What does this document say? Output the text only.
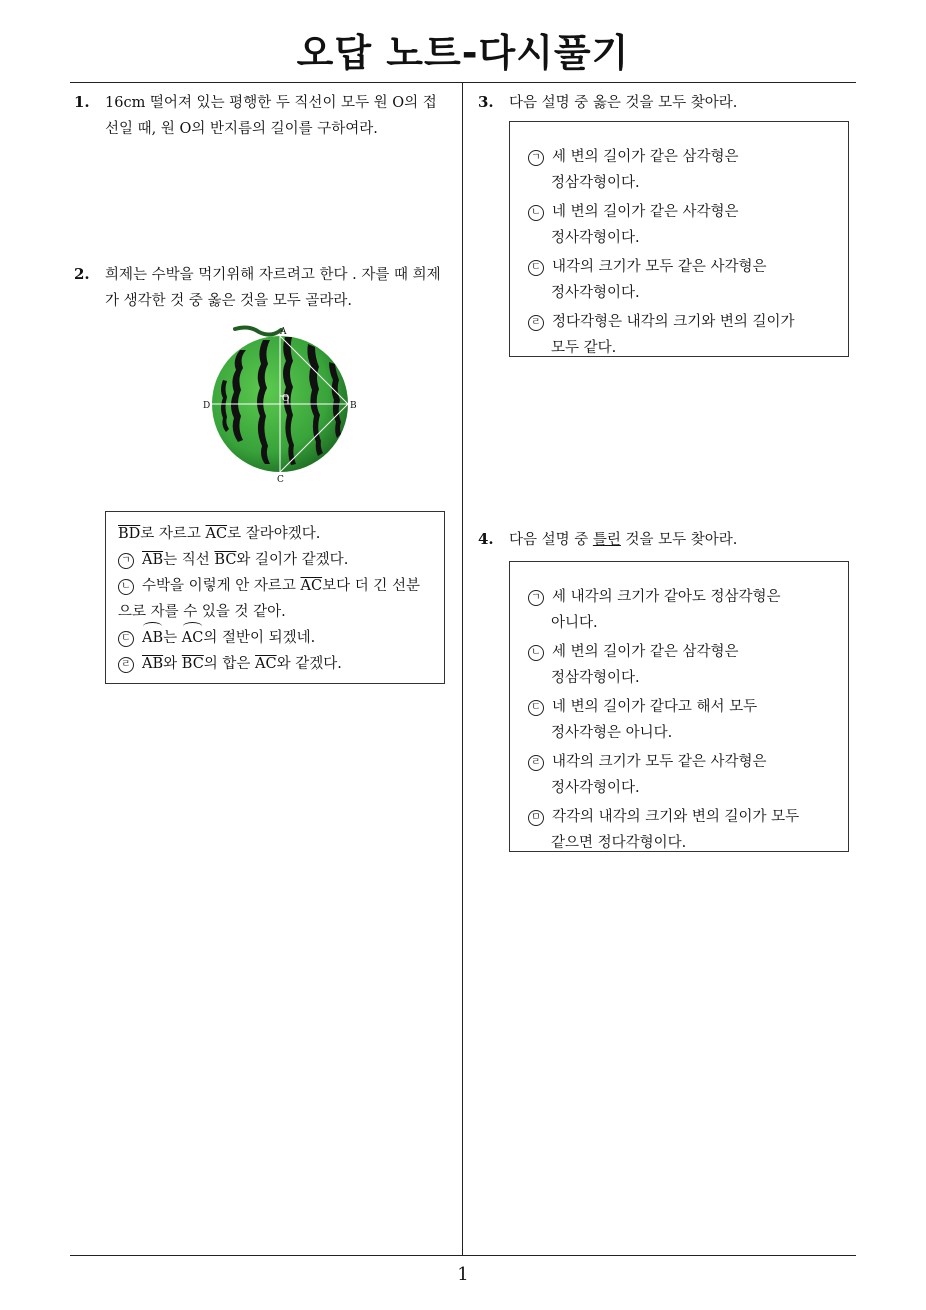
오답 노트-다시풀기
1. 16cm 떨어져 있는 평행한 두 직선이 모두 원 O의 접
선일 때, 원 O의 반지름의 길이를 구하여라.
2. 희제는 수박을 먹기위해 자르려고 한다 . 자를 때 희제
가 생각한 것 중 옳은 것을 모두 골라라.
A
B
C
D
O
$\overline{BD}$로 자르고 $\overline{AC}$로 잘라야겠다.
ㄱ $\overline{AB}$는 직선 $\overline{BC}$와 길이가 같겠다.
ㄴ 수박을 이렇게 안 자르고 $\overline{AC}$보다 더 긴 선분
으로 자를 수 있을 것 같아.
ㄷ AB는 AC의 절반이 되겠네.
ㄹ $\overline{AB}$와 $\overline{BC}$의 합은 $\overline{AC}$와 같겠다.
3. 다음 설명 중 옳은 것을 모두 찾아라.
ㄱ 세 변의 길이가 같은 삼각형은
정삼각형이다.
ㄴ 네 변의 길이가 같은 사각형은
정사각형이다.
ㄷ 내각의 크기가 모두 같은 사각형은
정사각형이다.
ㄹ 정다각형은 내각의 크기와 변의 길이가
모두 같다.
4. 다음 설명 중 틀린 것을 모두 찾아라.
ㄱ 세 내각의 크기가 같아도 정삼각형은
아니다.
ㄴ 세 변의 길이가 같은 삼각형은
정삼각형이다.
ㄷ 네 변의 길이가 같다고 해서 모두
정사각형은 아니다.
ㄹ 내각의 크기가 모두 같은 사각형은
정사각형이다.
ㅁ 각각의 내각의 크기와 변의 길이가 모두
같으면 정다각형이다.
1
